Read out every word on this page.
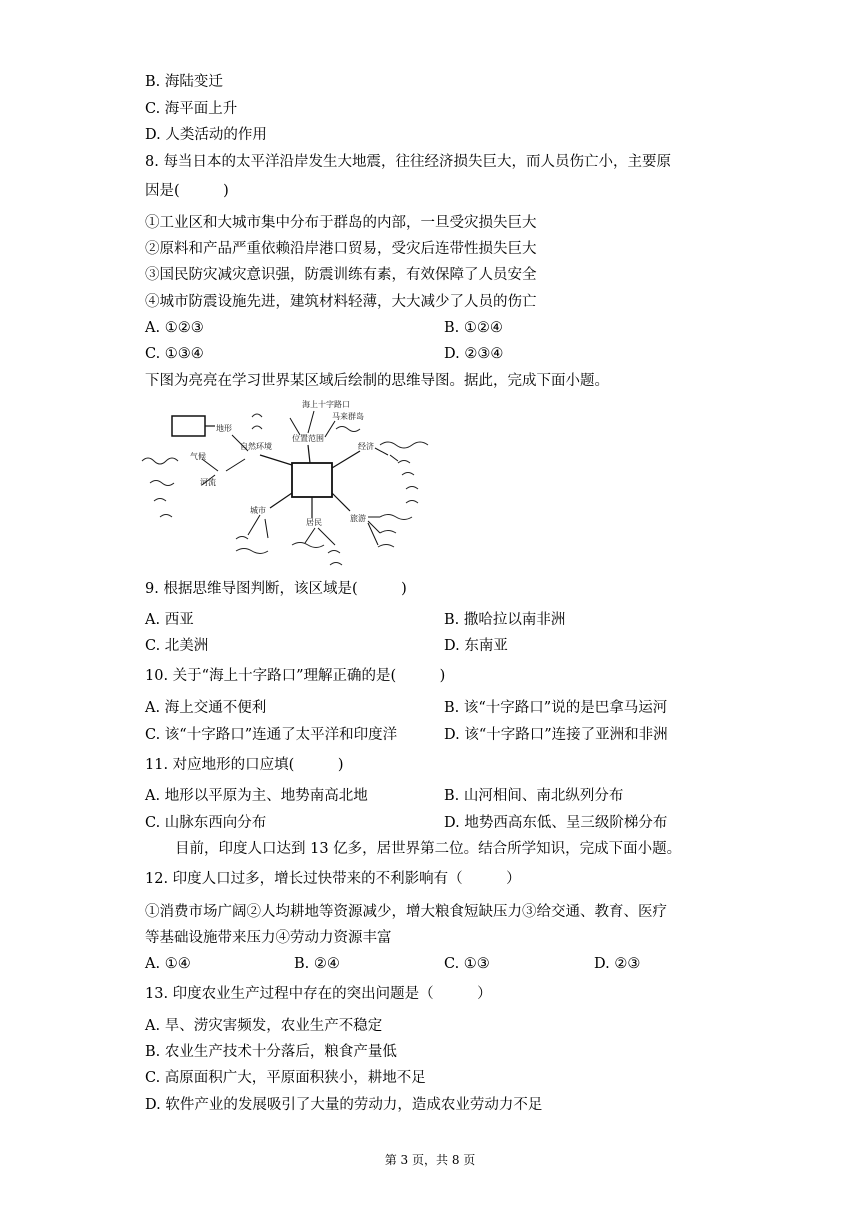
B. 海陆变迁
C. 海平面上升
D. 人类活动的作用
8. 每当日本的太平洋沿岸发生大地震，往往经济损失巨大，而人员伤亡小，主要原
因是(　　　)
①工业区和大城市集中分布于群岛的内部，一旦受灾损失巨大
②原料和产品严重依赖沿岸港口贸易，受灾后连带性损失巨大
③国民防灾减灾意识强，防震训练有素，有效保障了人员安全
④城市防震设施先进，建筑材料轻薄，大大减少了人员的伤亡
A. ①②③	B. ①②④
C. ①③④	D. ②③④
下图为亮亮在学习世界某区域后绘制的思维导图。据此，完成下面小题。
地形
自然环境
气候
河流
位置范围
海上十字路口
马来群岛
经济
城市
居民	旅游
9. 根据思维导图判断，该区域是(　　　)
A. 西亚	B. 撒哈拉以南非洲
C. 北美洲	D. 东南亚
10. 关于“海上十字路口”理解正确的是(　　　)
A. 海上交通不便利	B. 该“十字路口”说的是巴拿马运河
C. 该“十字路口”连通了太平洋和印度洋	D. 该“十字路口”连接了亚洲和非洲
11. 对应地形的口应填(　　　)
A. 地形以平原为主、地势南高北地	B. 山河相间、南北纵列分布
C. 山脉东西向分布	D. 地势西高东低、呈三级阶梯分布
目前，印度人口达到 13 亿多，居世界第二位。结合所学知识，完成下面小题。
12. 印度人口过多，增长过快带来的不利影响有（　　　）
①消费市场广阔②人均耕地等资源减少，增大粮食短缺压力③给交通、教育、医疗
等基础设施带来压力④劳动力资源丰富
A. ①④	B. ②④	C. ①③	D. ②③
13. 印度农业生产过程中存在的突出问题是（　　　）
A. 旱、涝灾害频发，农业生产不稳定
B. 农业生产技术十分落后，粮食产量低
C. 高原面积广大，平原面积狭小，耕地不足
D. 软件产业的发展吸引了大量的劳动力，造成农业劳动力不足
第 3 页，共 8 页
